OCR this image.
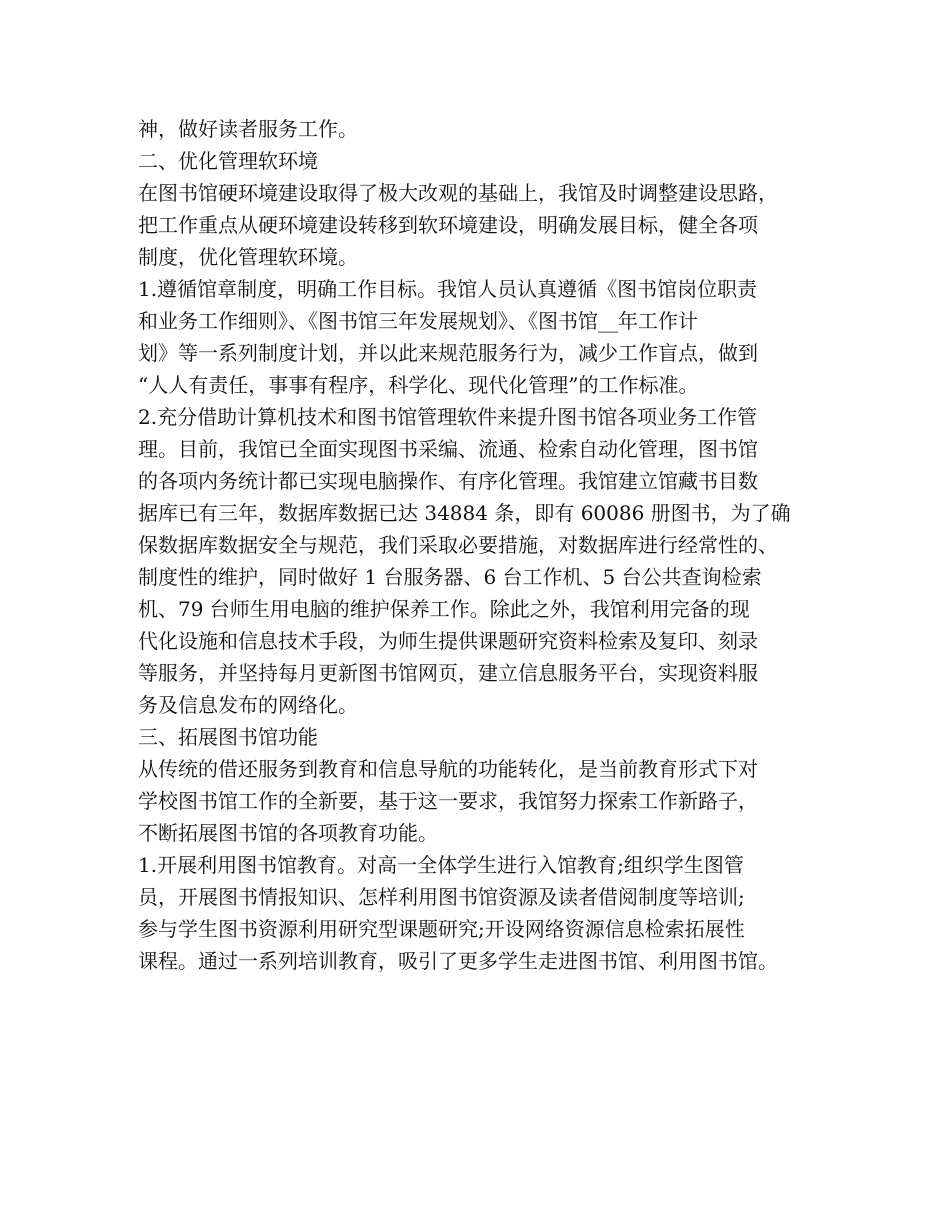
神，做好读者服务工作。
二、优化管理软环境
在图书馆硬环境建设取得了极大改观的基础上，我馆及时调整建设思路，
把工作重点从硬环境建设转移到软环境建设，明确发展目标，健全各项
制度，优化管理软环境。
1.遵循馆章制度，明确工作目标。我馆人员认真遵循《图书馆岗位职责
和业务工作细则》、《图书馆三年发展规划》、《图书馆__年工作计
划》等一系列制度计划，并以此来规范服务行为，减少工作盲点，做到
“人人有责任，事事有程序，科学化、现代化管理”的工作标准。
2.充分借助计算机技术和图书馆管理软件来提升图书馆各项业务工作管
理。目前，我馆已全面实现图书采编、流通、检索自动化管理，图书馆
的各项内务统计都已实现电脑操作、有序化管理。我馆建立馆藏书目数
据库已有三年，数据库数据已达 34884 条，即有 60086 册图书，为了确
保数据库数据安全与规范，我们采取必要措施，对数据库进行经常性的、
制度性的维护，同时做好 1 台服务器、6 台工作机、5 台公共查询检索
机、79 台师生用电脑的维护保养工作。除此之外，我馆利用完备的现
代化设施和信息技术手段，为师生提供课题研究资料检索及复印、刻录
等服务，并坚持每月更新图书馆网页，建立信息服务平台，实现资料服
务及信息发布的网络化。
三、拓展图书馆功能
从传统的借还服务到教育和信息导航的功能转化，是当前教育形式下对
学校图书馆工作的全新要，基于这一要求，我馆努力探索工作新路子，
不断拓展图书馆的各项教育功能。
1.开展利用图书馆教育。对高一全体学生进行入馆教育;组织学生图管
员，开展图书情报知识、怎样利用图书馆资源及读者借阅制度等培训;
参与学生图书资源利用研究型课题研究;开设网络资源信息检索拓展性
课程。通过一系列培训教育，吸引了更多学生走进图书馆、利用图书馆。
